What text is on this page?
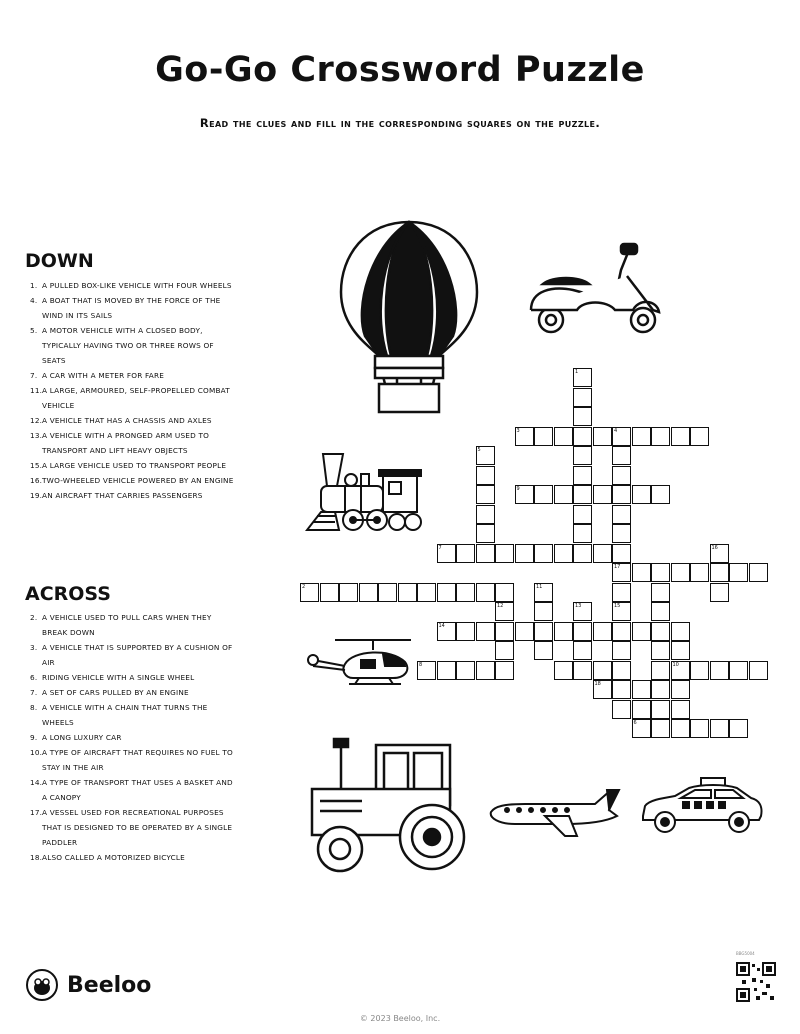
Go-Go Crossword Puzzle
Read the clues and fill in the corresponding squares on the puzzle.
DOWN
1. A PULLED BOX-LIKE VEHICLE WITH FOUR WHEELS
4. A BOAT THAT IS MOVED BY THE FORCE OF THE WIND IN ITS SAILS
5. A MOTOR VEHICLE WITH A CLOSED BODY, TYPICALLY HAVING TWO OR THREE ROWS OF SEATS
7. A CAR WITH A METER FOR FARE
11. A LARGE, ARMOURED, SELF-PROPELLED COMBAT VEHICLE
12. A VEHICLE THAT HAS A CHASSIS AND AXLES
13. A VEHICLE WITH A PRONGED ARM USED TO TRANSPORT AND LIFT HEAVY OBJECTS
15. A LARGE VEHICLE USED TO TRANSPORT PEOPLE
16. TWO-WHEELED VEHICLE POWERED BY AN ENGINE
19. AN AIRCRAFT THAT CARRIES PASSENGERS
ACROSS
2. A VEHICLE USED TO PULL CARS WHEN THEY BREAK DOWN
3. A VEHICLE THAT IS SUPPORTED BY A CUSHION OF AIR
6. RIDING VEHICLE WITH A SINGLE WHEEL
7. A SET OF CARS PULLED BY AN ENGINE
8. A VEHICLE WITH A CHAIN THAT TURNS THE WHEELS
9. A LONG LUXURY CAR
10. A TYPE OF AIRCRAFT THAT REQUIRES NO FUEL TO STAY IN THE AIR
14. A TYPE OF TRANSPORT THAT USES A BASKET AND A CANOPY
17. A VESSEL USED FOR RECREATIONAL PURPOSES THAT IS DESIGNED TO BE OPERATED BY A SINGLE PADDLER
18. ALSO CALLED A MOTORIZED BICYCLE
3	4
9
7
17
2
14
8	10
18
6
1
5
15
11
12	13
16
Beeloo
© 2023 Beeloo, Inc.
BBG5004
